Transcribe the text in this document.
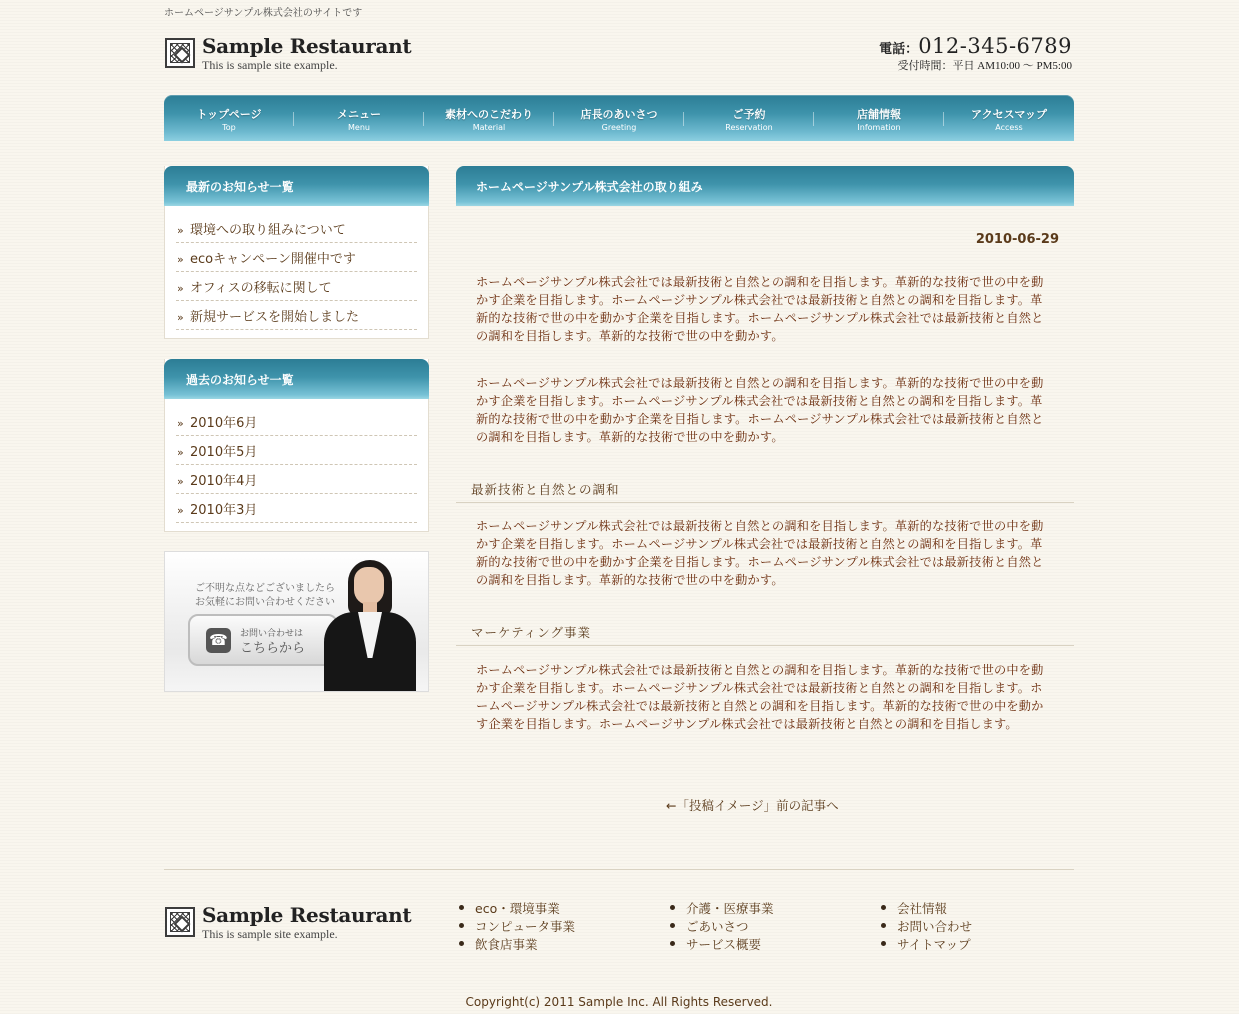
ホームページサンプル株式会社のサイトです
Sample Restaurant
This is sample site example.
電話：012-345-6789
受付時間：平日 AM10:00 〜 PM5:00
トップページ
Top
メニュー
Menu
素材へのこだわり
Material
店長のあいさつ
Greeting
ご予約
Reservation
店舗情報
Infomation
アクセスマップ
Access
最新のお知らせ一覧
» 環境への取り組みについて
» ecoキャンペーン開催中です
» オフィスの移転に関して
» 新規サービスを開始しました
過去のお知らせ一覧
» 2010年6月
» 2010年5月
» 2010年4月
» 2010年3月
ご不明な点などございましたら
お気軽にお問い合わせください
☎	お問い合わせは
こちらから
ホームページサンプル株式会社の取り組み
2010-06-29

ホームページサンプル株式会社では最新技術と自然との調和を目指します。革新的な技術で世の中を動かす企業を目指します。ホームページサンプル株式会社では最新技術と自然との調和を目指します。革新的な技術で世の中を動かす企業を目指します。ホームページサンプル株式会社では最新技術と自然との調和を目指します。革新的な技術で世の中を動かす。

ホームページサンプル株式会社では最新技術と自然との調和を目指します。革新的な技術で世の中を動かす企業を目指します。ホームページサンプル株式会社では最新技術と自然との調和を目指します。革新的な技術で世の中を動かす企業を目指します。ホームページサンプル株式会社では最新技術と自然との調和を目指します。革新的な技術で世の中を動かす。

最新技術と自然との調和

ホームページサンプル株式会社では最新技術と自然との調和を目指します。革新的な技術で世の中を動かす企業を目指します。ホームページサンプル株式会社では最新技術と自然との調和を目指します。革新的な技術で世の中を動かす企業を目指します。ホームページサンプル株式会社では最新技術と自然との調和を目指します。革新的な技術で世の中を動かす。

マーケティング事業

ホームページサンプル株式会社では最新技術と自然との調和を目指します。革新的な技術で世の中を動かす企業を目指します。ホームページサンプル株式会社では最新技術と自然との調和を目指します。ホームページサンプル株式会社では最新技術と自然との調和を目指します。革新的な技術で世の中を動かす企業を目指します。ホームページサンプル株式会社では最新技術と自然との調和を目指します。

←「投稿イメージ」前の記事へ
Sample Restaurant
This is sample site example.
eco・環境事業
コンピュータ事業
飲食店事業
介護・医療事業
ごあいさつ
サービス概要
会社情報
お問い合わせ
サイトマップ
Copyright(c) 2011 Sample Inc. All Rights Reserved.
